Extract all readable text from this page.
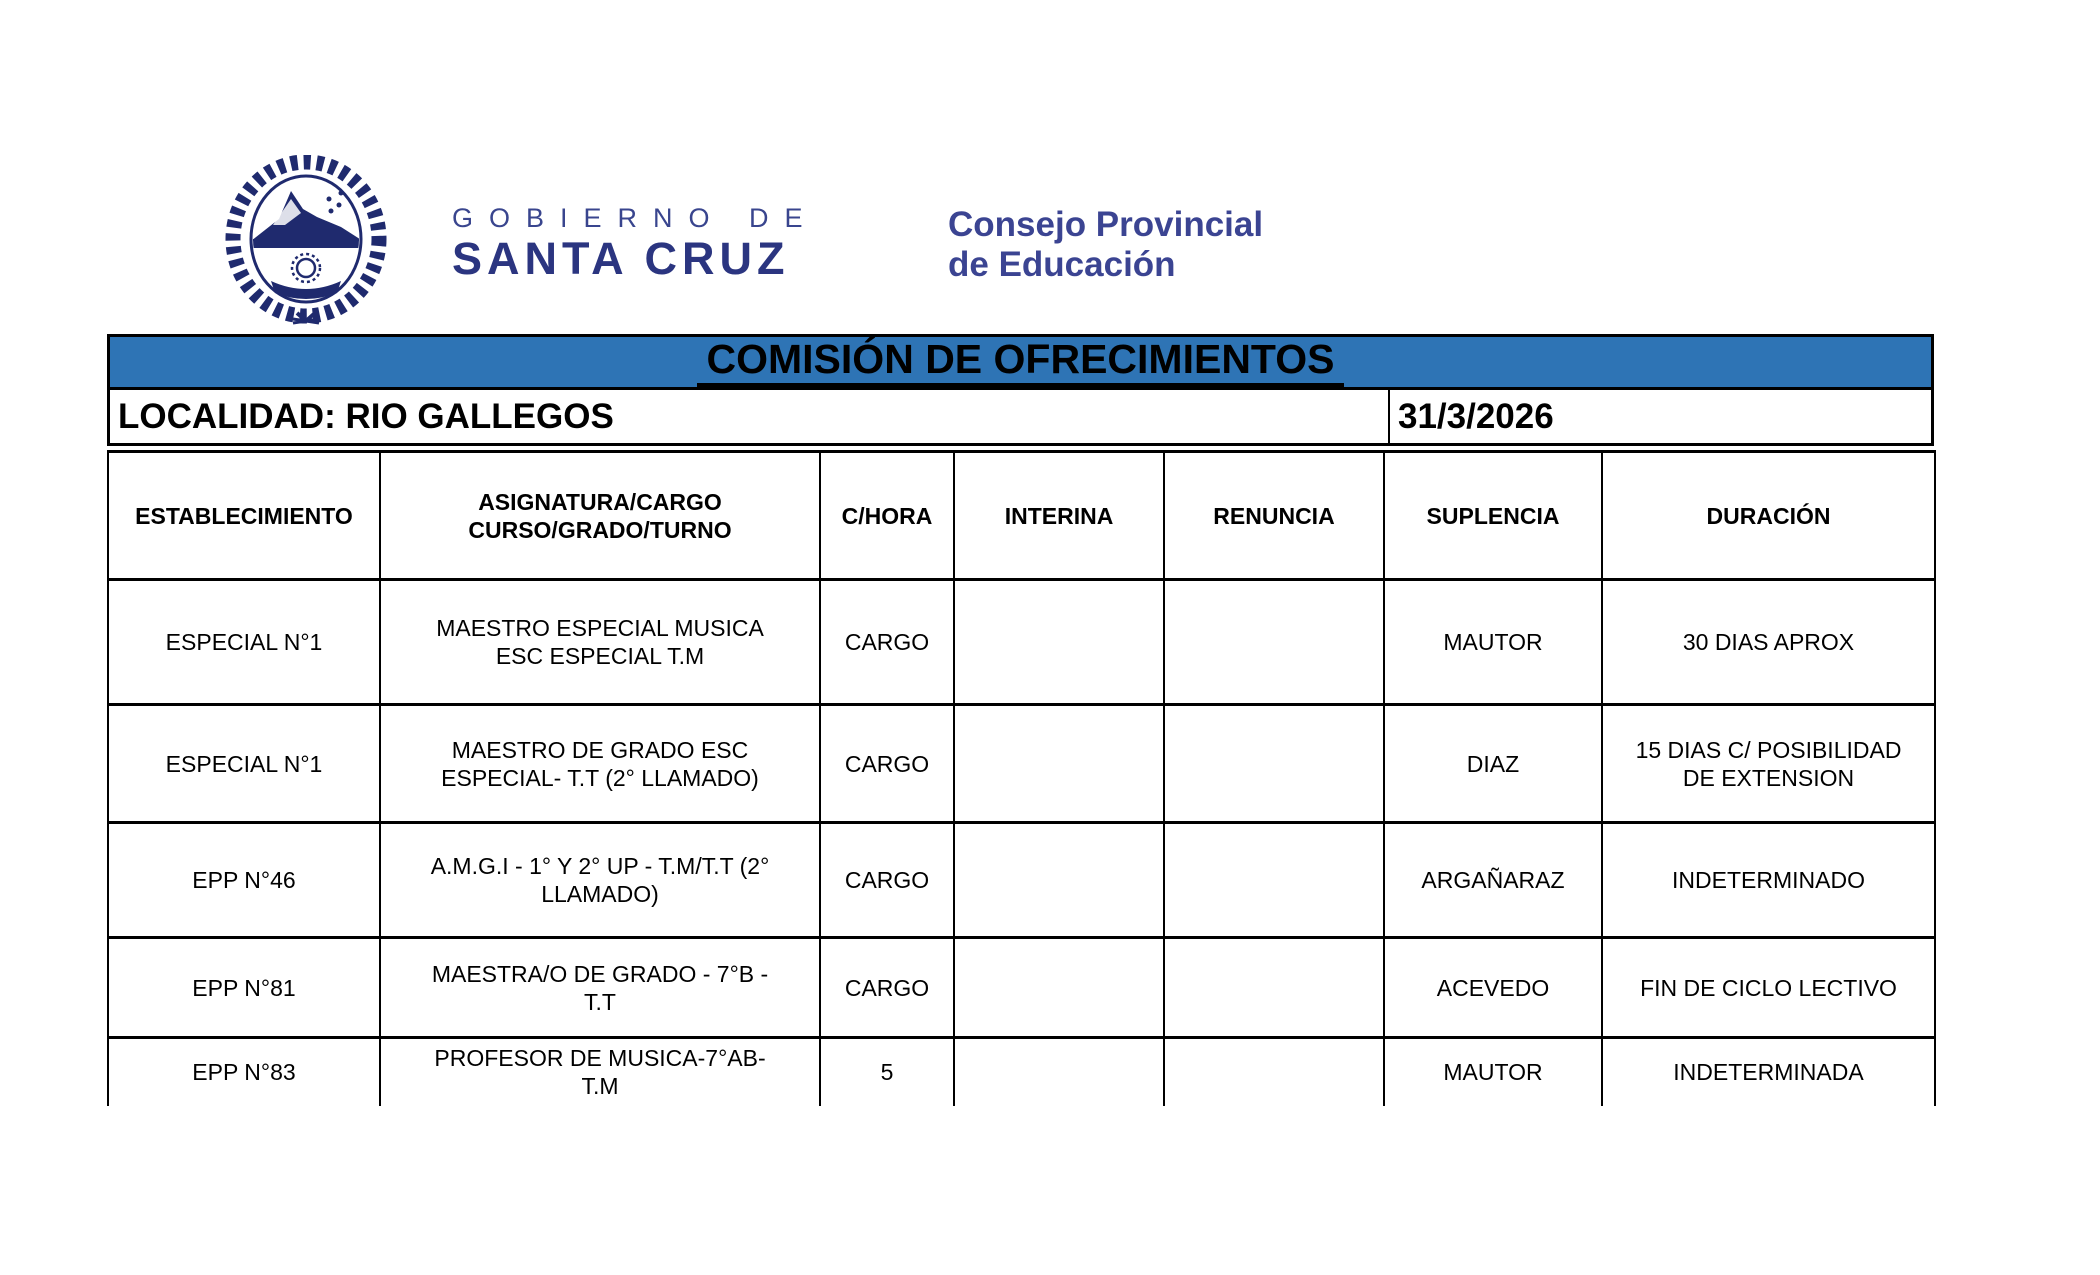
GOBIERNO DE
SANTA CRUZ
Consejo Provincial
de Educación
COMISIÓN DE OFRECIMIENTOS
LOCALIDAD: RIO GALLEGOS	31/3/2026
ESTABLECIMIENTO	ASIGNATURA/CARGO CURSO/GRADO/TURNO	C/HORA	INTERINA	RENUNCIA	SUPLENCIA	DURACIÓN
ESPECIAL N°1	MAESTRO ESPECIAL MUSICA ESC ESPECIAL T.M	CARGO			MAUTOR	30 DIAS APROX

ESPECIAL N°1	MAESTRO DE GRADO ESC ESPECIAL- T.T (2° LLAMADO)	CARGO			DIAZ	15 DIAS C/ POSIBILIDAD DE EXTENSION

EPP N°46	A.M.G.I - 1° Y 2° UP - T.M/T.T (2° LLAMADO)	CARGO			ARGAÑARAZ	INDETERMINADO

EPP N°81	MAESTRA/O DE GRADO - 7°B - T.T	CARGO			ACEVEDO	FIN DE CICLO LECTIVO

EPP N°83	PROFESOR DE MUSICA-7°AB- T.M	5			MAUTOR	INDETERMINADA
